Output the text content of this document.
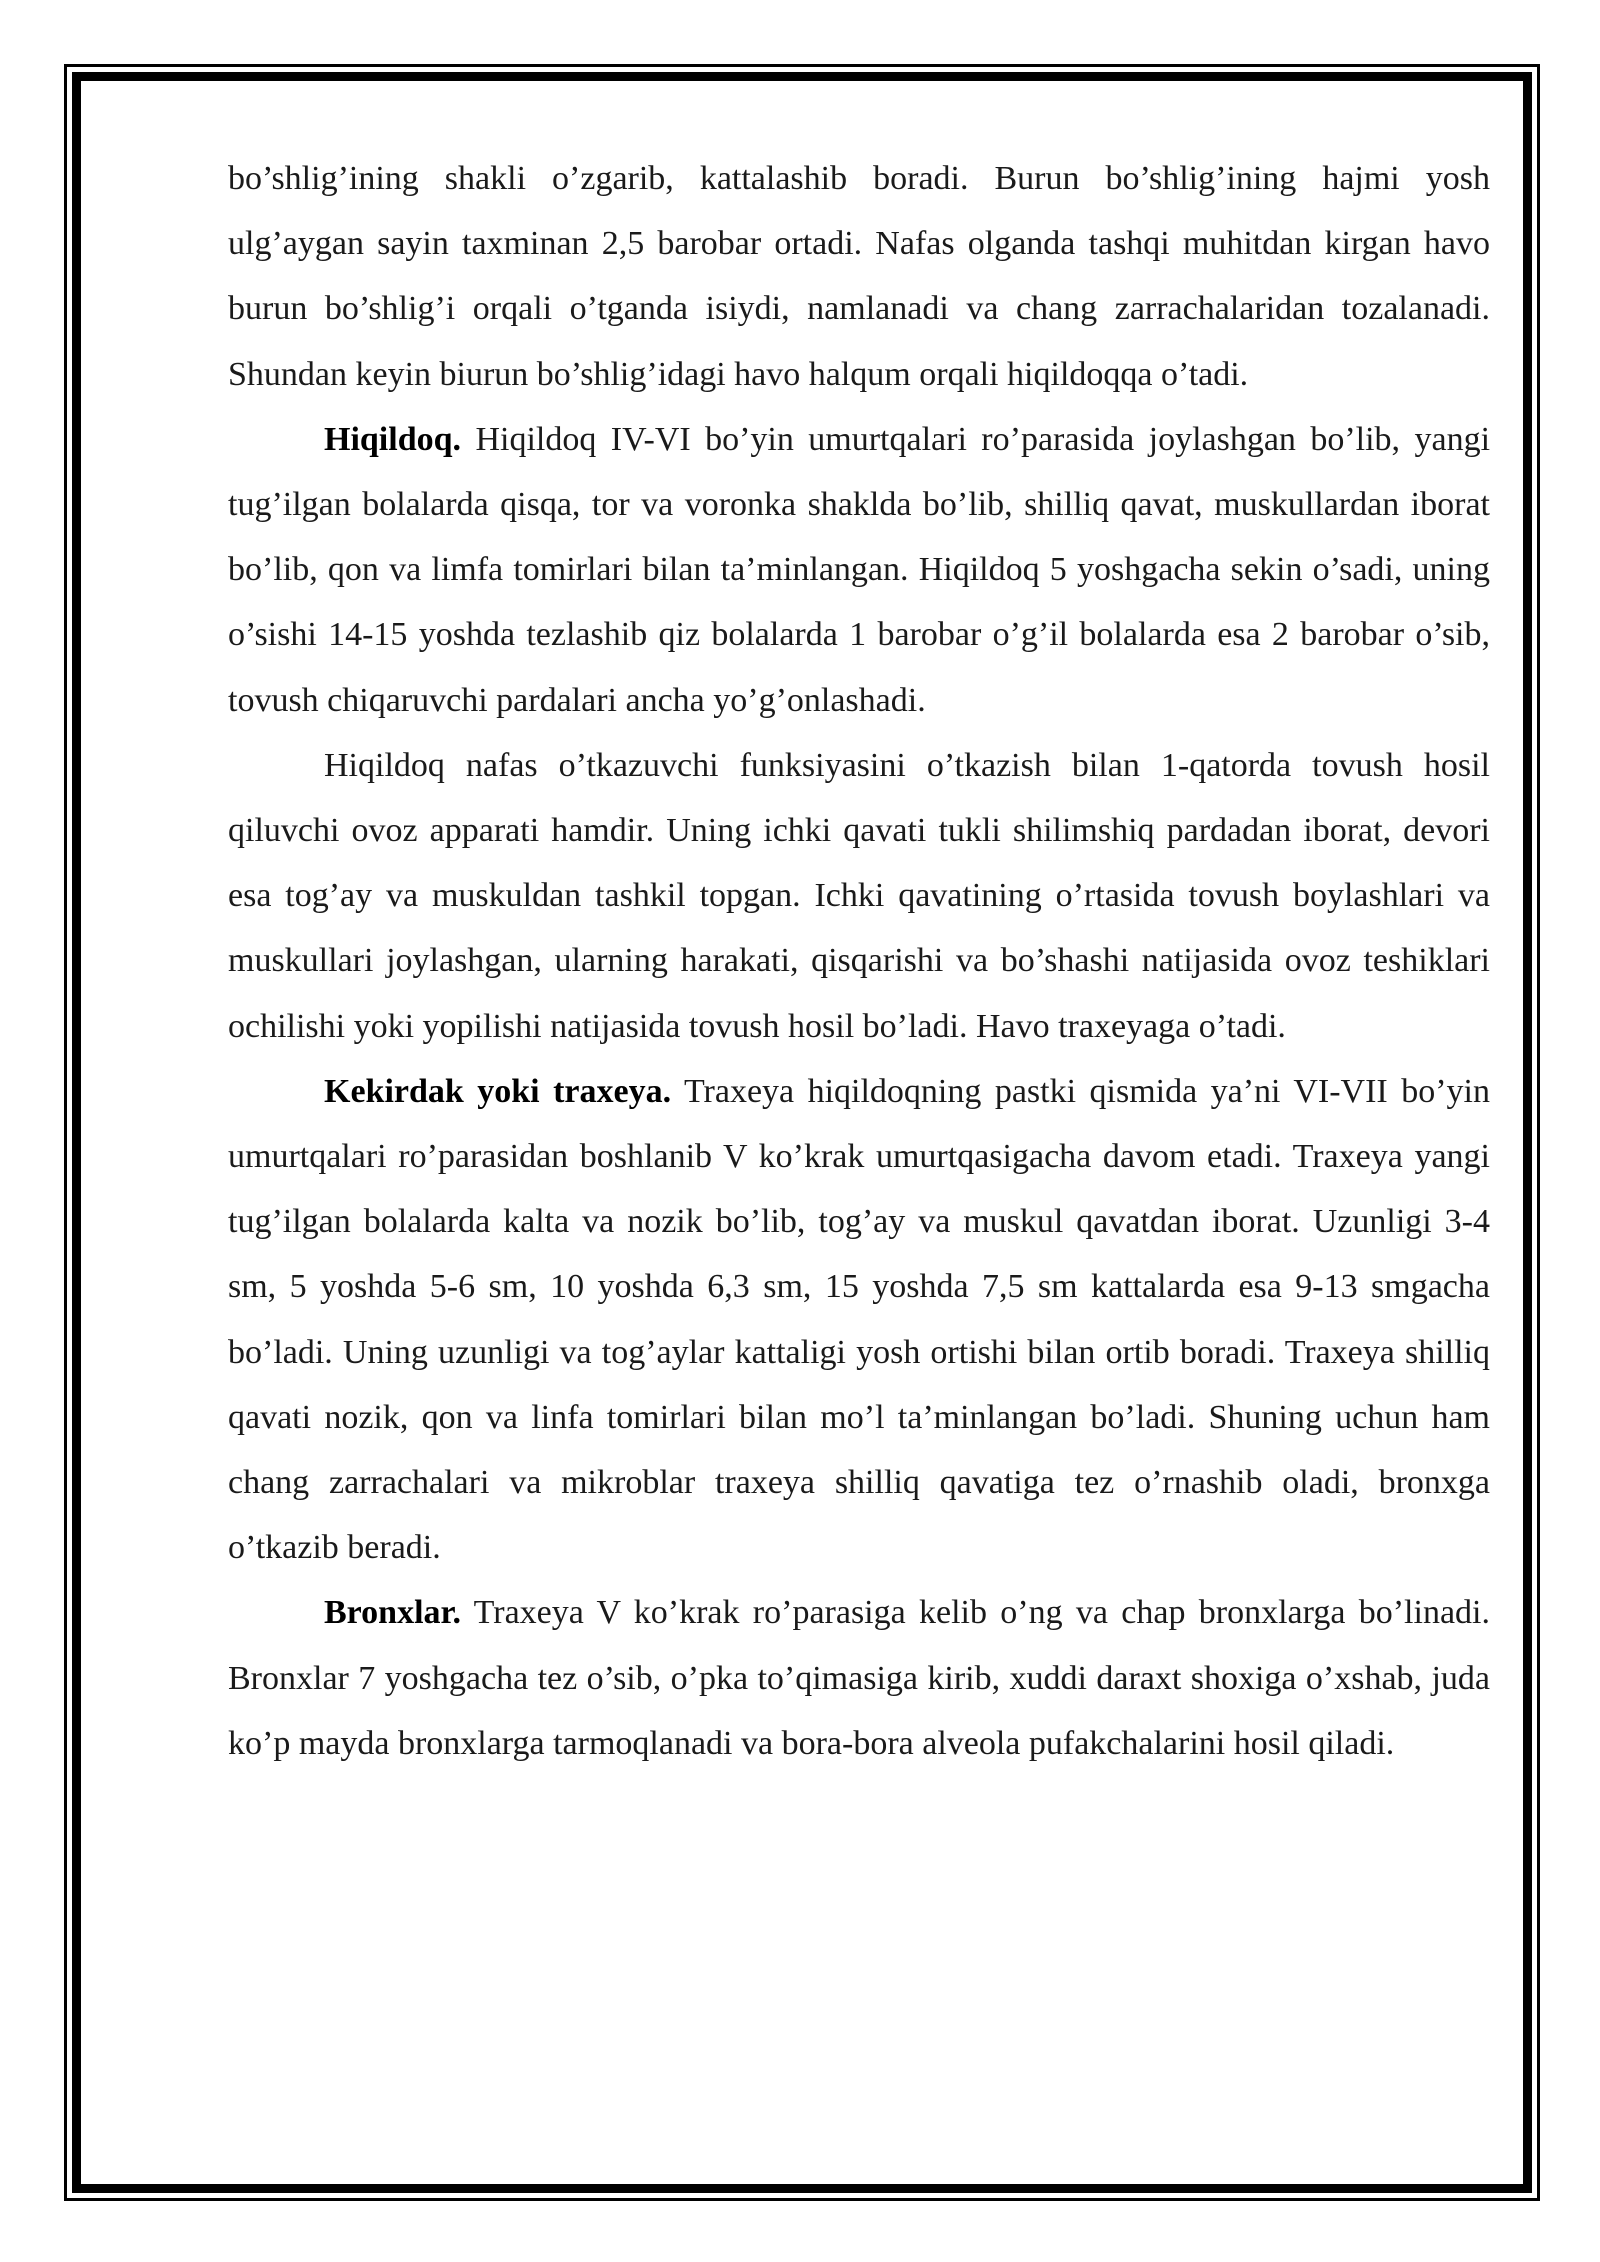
bo’shlig’ining shakli o’zgarib, kattalashib boradi. Burun bo’shlig’ining hajmi yosh ulg’aygan sayin taxminan 2,5 barobar ortadi. Nafas olganda tashqi muhitdan kirgan havo burun bo’shlig’i orqali o’tganda isiydi, namlanadi va chang zarrachalaridan tozalanadi. Shundan keyin biurun bo’shlig’idagi havo halqum orqali hiqildoqqa o’tadi.

Hiqildoq. Hiqildoq IV-VI bo’yin umurtqalari ro’parasida joylashgan bo’lib, yangi tug’ilgan bolalarda qisqa, tor va voronka shaklda bo’lib, shilliq qavat, muskullardan iborat bo’lib, qon va limfa tomirlari bilan ta’minlangan. Hiqildoq 5 yoshgacha sekin o’sadi, uning o’sishi 14-15 yoshda tezlashib qiz bolalarda 1 barobar o’g’il bolalarda esa 2 barobar o’sib, tovush chiqaruvchi pardalari ancha yo’g’onlashadi.

Hiqildoq nafas o’tkazuvchi funksiyasini o’tkazish bilan 1-qatorda tovush hosil qiluvchi ovoz apparati hamdir. Uning ichki qavati tukli shilimshiq pardadan iborat, devori esa tog’ay va muskuldan tashkil topgan. Ichki qavatining o’rtasida tovush boylashlari va muskullari joylashgan, ularning harakati, qisqarishi va bo’shashi natijasida ovoz teshiklari ochilishi yoki yopilishi natijasida tovush hosil bo’ladi. Havo traxeyaga o’tadi.

Kekirdak yoki traxeya. Traxeya hiqildoqning pastki qismida ya’ni VI-VII bo’yin umurtqalari ro’parasidan boshlanib V ko’krak umurtqasigacha davom etadi. Traxeya yangi tug’ilgan bolalarda kalta va nozik bo’lib, tog’ay va muskul qavatdan iborat. Uzunligi 3-4 sm, 5 yoshda 5-6 sm, 10 yoshda 6,3 sm, 15 yoshda 7,5 sm kattalarda esa 9-13 smgacha bo’ladi. Uning uzunligi va tog’aylar kattaligi yosh ortishi bilan ortib boradi. Traxeya shilliq qavati nozik, qon va linfa tomirlari bilan mo’l ta’minlangan bo’ladi. Shuning uchun ham chang zarrachalari va mikroblar traxeya shilliq qavatiga tez o’rnashib oladi, bronxga o’tkazib beradi.

Bronxlar. Traxeya V ko’krak ro’parasiga kelib o’ng va chap bronxlarga bo’linadi. Bronxlar 7 yoshgacha tez o’sib, o’pka to’qimasiga kirib, xuddi daraxt shoxiga o’xshab, juda ko’p mayda bronxlarga tarmoqlanadi va bora-bora alveola pufakchalarini hosil qiladi.
